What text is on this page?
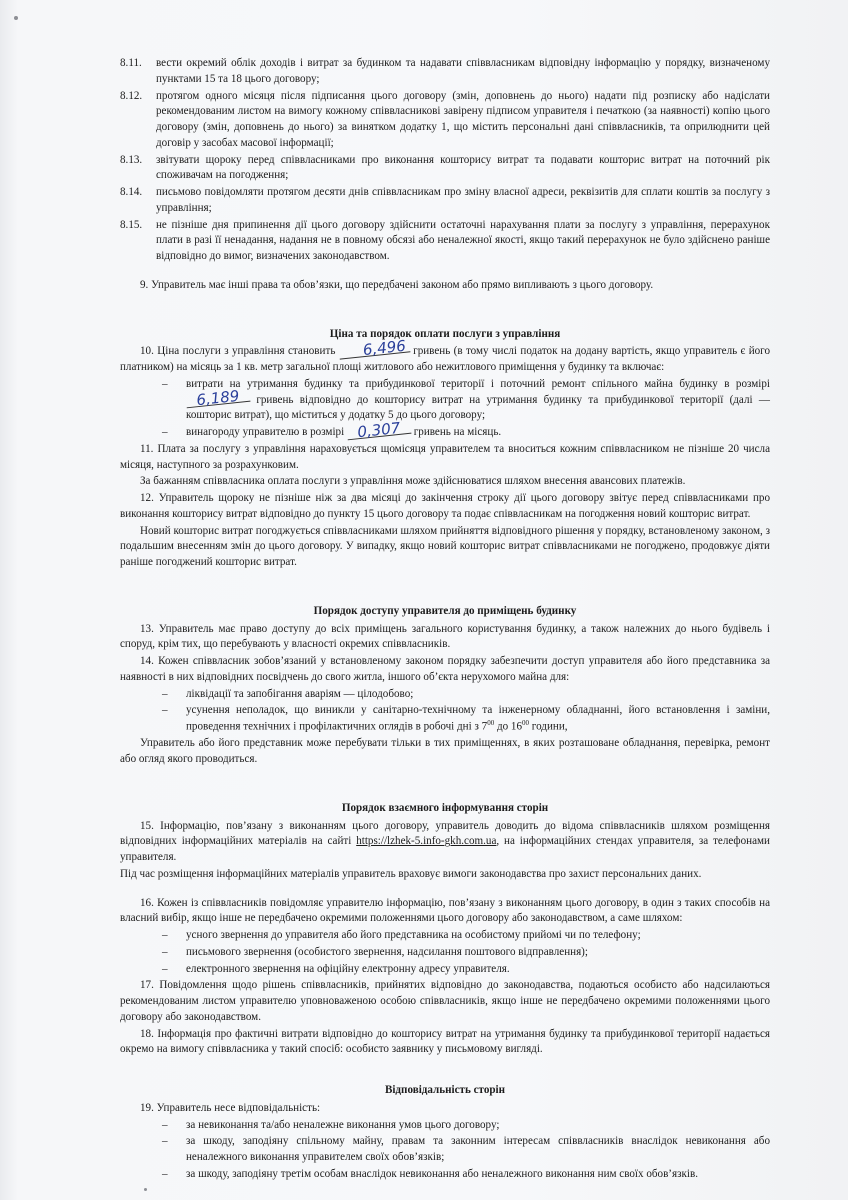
8.11.	вести окремий облік доходів і витрат за будинком та надавати співвласникам відповідну інформацію у порядку, визначеному пунктами 15 та 18 цього договору;
8.12.	протягом одного місяця після підписання цього договору (змін, доповнень до нього) надати під розписку або надіслати рекомендованим листом на вимогу кожному співвласникові завірену підписом управителя і печаткою (за наявності) копію цього договору (змін, доповнень до нього) за винятком додатку 1, що містить персональні дані співвласників, та оприлюднити цей договір у засобах масової інформації;
8.13.	звітувати щороку перед співвласниками про виконання кошторису витрат та подавати кошторис витрат на поточний рік споживачам на погодження;
8.14.	письмово повідомляти протягом десяти днів співвласникам про зміну власної адреси, реквізитів для сплати коштів за послугу з управління;
8.15.	не пізніше дня припинення дії цього договору здійснити остаточні нарахування плати за послугу з управління, перерахунок плати в разі її ненадання, надання не в повному обсязі або неналежної якості, якщо такий перерахунок не було здійснено раніше відповідно до вимог, визначених законодавством.

9. Управитель має інші права та обов’язки, що передбачені законом або прямо випливають з цього договору.

Ціна та порядок оплати послуги з управління

10. Ціна послуги з управління становить 6,496 гривень (в тому числі податок на додану вартість, якщо управитель є його платником) на місяць за 1 кв. метр загальної площі житлового або нежитлового приміщення у будинку та включає:

–	витрати на утримання будинку та прибудинкової території і поточний ремонт спільного майна будинку в розмірі 6,189 гривень відповідно до кошторису витрат на утримання будинку та прибудинкової території (далі — кошторис витрат), що міститься у додатку 5 до цього договору;
–	винагороду управителю в розмірі 0,307 гривень на місяць.

11. Плата за послугу з управління нараховується щомісяця управителем та вноситься кожним співвласником не пізніше 20 числа місяця, наступного за розрахунковим.

За бажанням співвласника оплата послуги з управління може здійснюватися шляхом внесення авансових платежів.

12. Управитель щороку не пізніше ніж за два місяці до закінчення строку дії цього договору звітує перед співвласниками про виконання кошторису витрат відповідно до пункту 15 цього договору та подає співвласникам на погодження новий кошторис витрат.

Новий кошторис витрат погоджується співвласниками шляхом прийняття відповідного рішення у порядку, встановленому законом, з подальшим внесенням змін до цього договору. У випадку, якщо новий кошторис витрат співвласниками не погоджено, продовжує діяти раніше погоджений кошторис витрат.

Порядок доступу управителя до приміщень будинку

13. Управитель має право доступу до всіх приміщень загального користування будинку, а також належних до нього будівель і споруд, крім тих, що перебувають у власності окремих співвласників.

14. Кожен співвласник зобов’язаний у встановленому законом порядку забезпечити доступ управителя або його представника за наявності в них відповідних посвідчень до свого житла, іншого об’єкта нерухомого майна для:

–	ліквідації та запобігання аваріям — цілодобово;
–	усунення неполадок, що виникли у санітарно-технічному та інженерному обладнанні, його встановлення і заміни, проведення технічних і профілактичних оглядів в робочі дні з $7^{00}$ до $16^{00}$ години,

Управитель або його представник може перебувати тільки в тих приміщеннях, в яких розташоване обладнання, перевірка, ремонт або огляд якого проводиться.

Порядок взаємного інформування сторін

15. Інформацію, пов’язану з виконанням цього договору, управитель доводить до відома співвласників шляхом розміщення відповідних інформаційних матеріалів на сайті https://lzhek-5.info-gkh.com.ua, на інформаційних стендах управителя, за телефонами управителя.

Під час розміщення інформаційних матеріалів управитель враховує вимоги законодавства про захист персональних даних.

16. Кожен із співвласників повідомляє управителю інформацію, пов’язану з виконанням цього договору, в один з таких способів на власний вибір, якщо інше не передбачено окремими положеннями цього договору або законодавством, а саме шляхом:

–	усного звернення до управителя або його представника на особистому прийомі чи по телефону;
–	письмового звернення (особистого звернення, надсилання поштового відправлення);
–	електронного звернення на офіційну електронну адресу управителя.

17. Повідомлення щодо рішень співвласників, прийнятих відповідно до законодавства, подаються особисто або надсилаються рекомендованим листом управителю уповноваженою особою співвласників, якщо інше не передбачено окремими положеннями цього договору або законодавством.

18. Інформація про фактичні витрати відповідно до кошторису витрат на утримання будинку та прибудинкової території надається окремо на вимогу співвласника у такий спосіб: особисто заявнику у письмовому вигляді.

Відповідальність сторін

19. Управитель несе відповідальність:

–	за невиконання та/або неналежне виконання умов цього договору;
–	за шкоду, заподіяну спільному майну, правам та законним інтересам співвласників внаслідок невиконання або неналежного виконання управителем своїх обов’язків;
–	за шкоду, заподіяну третім особам внаслідок невиконання або неналежного виконання ним своїх обов’язків.
